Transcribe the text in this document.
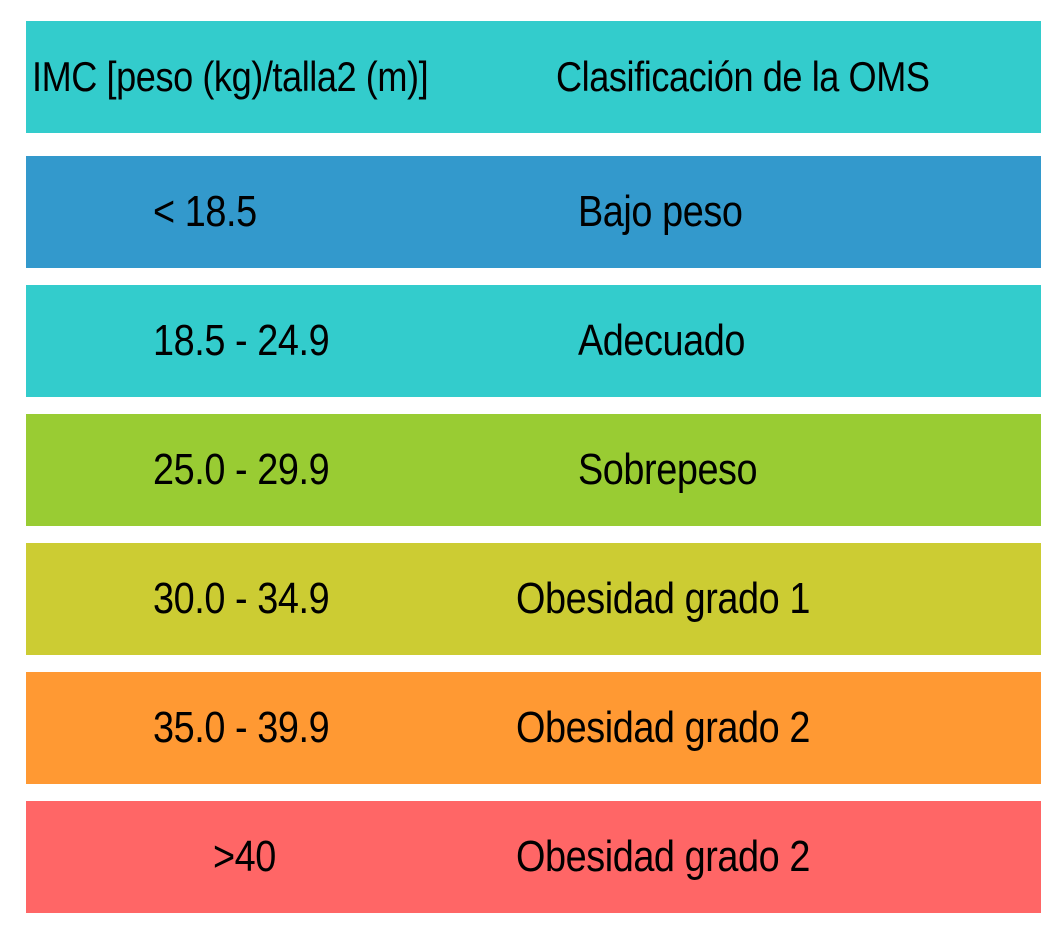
IMC [peso (kg)/talla2 (m)]	Clasificación de la OMS
< 18.5	Bajo peso
18.5 - 24.9	Adecuado
25.0 - 29.9	Sobrepeso
30.0 - 34.9	Obesidad grado 1
35.0 - 39.9	Obesidad grado 2
>40	Obesidad grado 2
